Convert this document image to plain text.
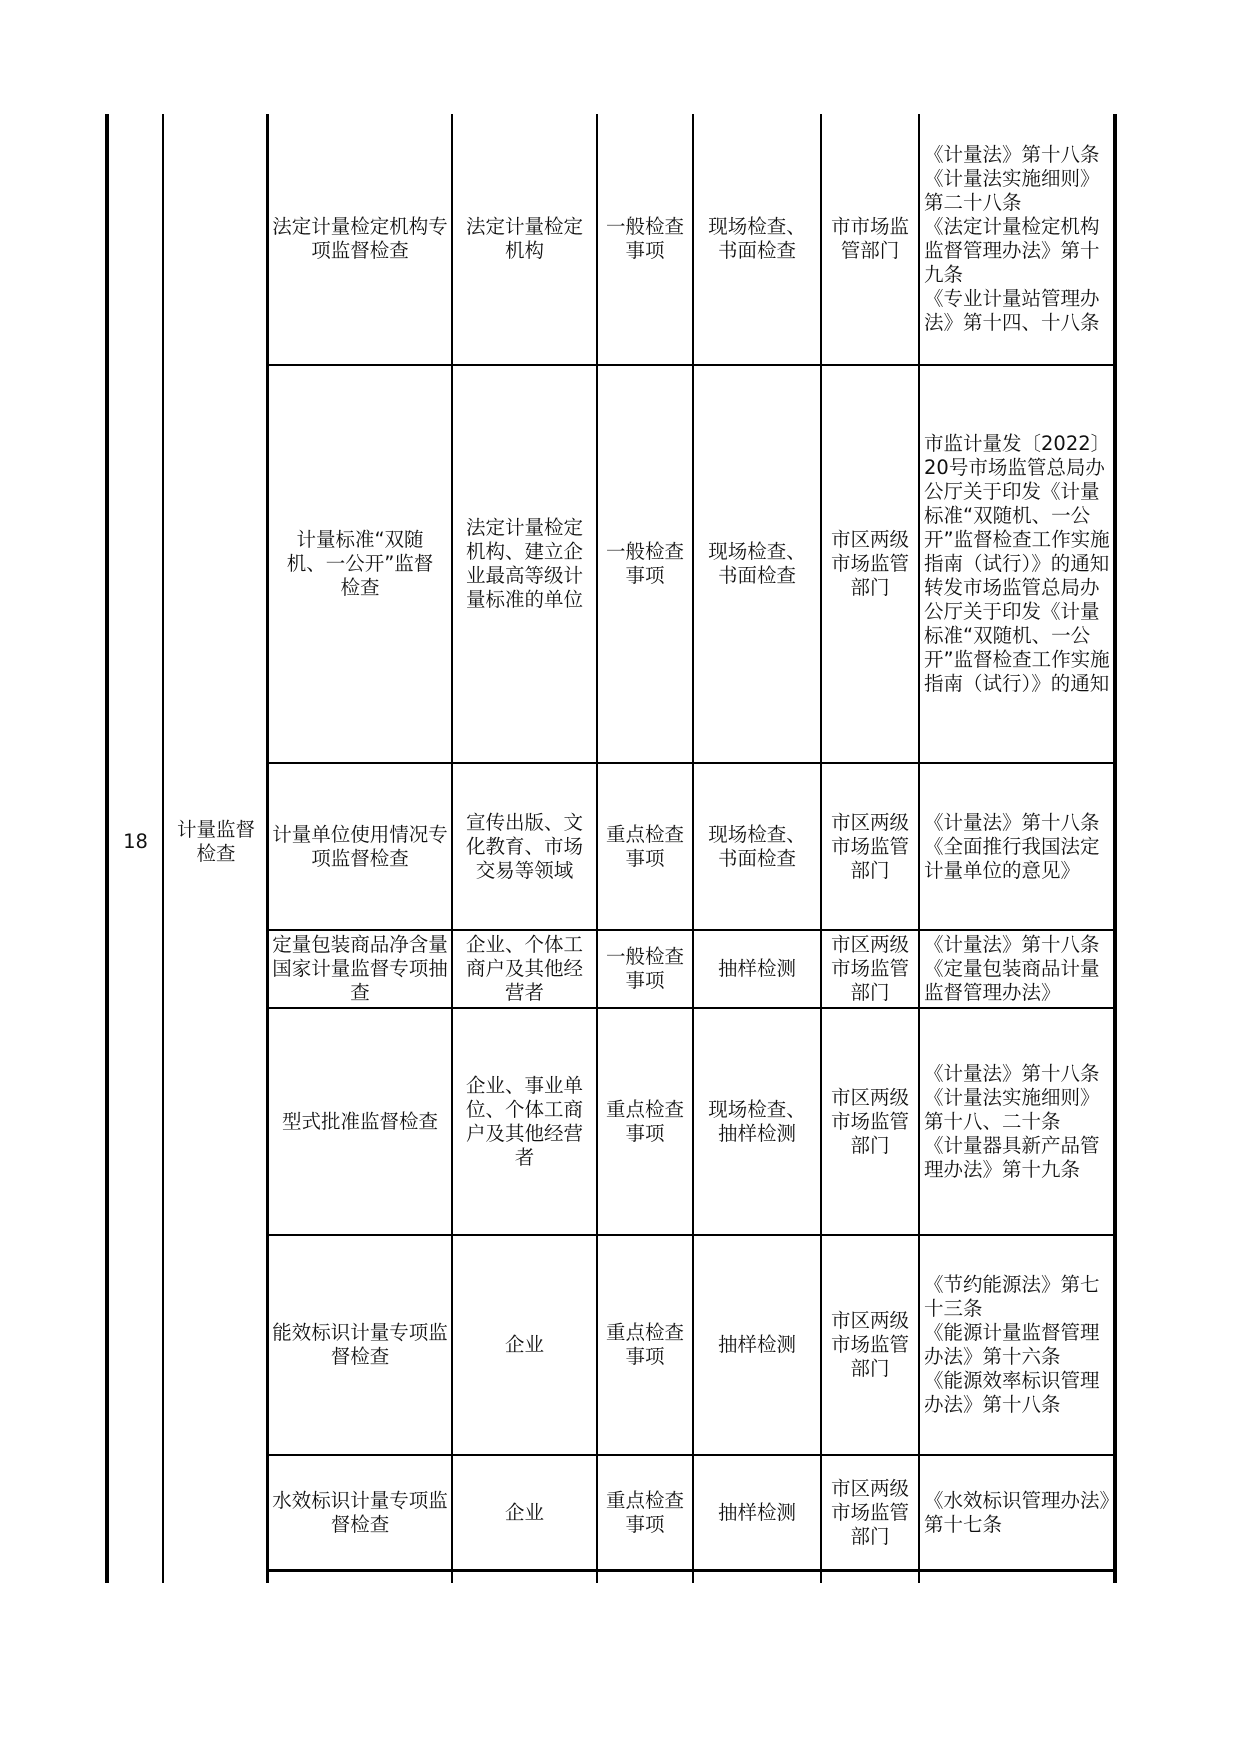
18
计量监督检查
法定计量检定机构专项监督检查
法定计量检定机构
一般检查事项
现场检查、书面检查
市市场监管部门
《计量法》第十八条
《计量法实施细则》第二十八条
《法定计量检定机构监督管理办法》第十九条
《专业计量站管理办法》第十四、十八条
计量标准“双随机、一公开”监督检查
法定计量检定机构、建立企业最高等级计量标准的单位
一般检查事项
现场检查、书面检查
市区两级市场监管部门
市监计量发〔2022〕20号市场监管总局办公厅关于印发《计量标准“双随机、一公开”监督检查工作实施指南（试行）》的通知
转发市场监管总局办公厅关于印发《计量标准“双随机、一公开”监督检查工作实施指南（试行）》的通知
计量单位使用情况专项监督检查
宣传出版、文化教育、市场交易等领域
重点检查事项
现场检查、书面检查
市区两级市场监管部门
《计量法》第十八条
《全面推行我国法定计量单位的意见》
定量包装商品净含量国家计量监督专项抽查
企业、个体工商户及其他经营者
一般检查事项
抽样检测
市区两级市场监管部门
《计量法》第十八条
《定量包装商品计量监督管理办法》
型式批准监督检查
企业、事业单位、个体工商户及其他经营者
重点检查事项
现场检查、抽样检测
市区两级市场监管部门
《计量法》第十八条
《计量法实施细则》第十八、二十条
《计量器具新产品管理办法》第十九条
能效标识计量专项监督检查
企业
重点检查事项
抽样检测
市区两级市场监管部门
《节约能源法》第七十三条
《能源计量监督管理办法》第十六条
《能源效率标识管理办法》第十八条
水效标识计量专项监督检查
企业
重点检查事项
抽样检测
市区两级市场监管部门
《水效标识管理办法》第十七条
